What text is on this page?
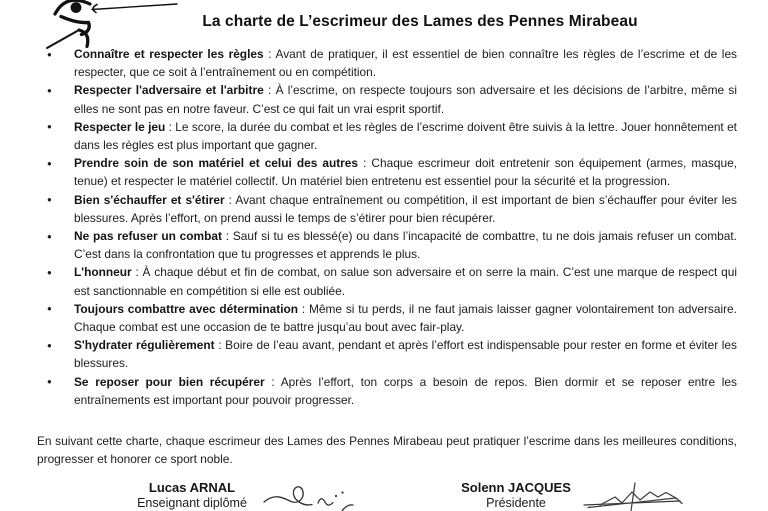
La charte de L’escrimeur des Lames des Pennes Mirabeau
● Connaître et respecter les règles : Avant de pratiquer, il est essentiel de bien connaître les règles de l’escrime et de les respecter, que ce soit à l’entraînement ou en compétition.
● Respecter l'adversaire et l'arbitre : À l’escrime, on respecte toujours son adversaire et les décisions de l’arbitre, même si elles ne sont pas en notre faveur. C’est ce qui fait un vrai esprit sportif.
● Respecter le jeu : Le score, la durée du combat et les règles de l’escrime doivent être suivis à la lettre. Jouer honnêtement et dans les règles est plus important que gagner.
● Prendre soin de son matériel et celui des autres : Chaque escrimeur doit entretenir son équipement (armes, masque, tenue) et respecter le matériel collectif. Un matériel bien entretenu est essentiel pour la sécurité et la progression.
● Bien s'échauffer et s'étirer : Avant chaque entraînement ou compétition, il est important de bien s’échauffer pour éviter les blessures. Après l’effort, on prend aussi le temps de s’étirer pour bien récupérer.
● Ne pas refuser un combat : Sauf si tu es blessé(e) ou dans l’incapacité de combattre, tu ne dois jamais refuser un combat. C’est dans la confrontation que tu progresses et apprends le plus.
● L'honneur : À chaque début et fin de combat, on salue son adversaire et on serre la main. C’est une marque de respect qui est sanctionnable en compétition si elle est oubliée.
● Toujours combattre avec détermination : Même si tu perds, il ne faut jamais laisser gagner volontairement ton adversaire. Chaque combat est une occasion de te battre jusqu’au bout avec fair-play.
● S'hydrater régulièrement : Boire de l’eau avant, pendant et après l’effort est indispensable pour rester en forme et éviter les blessures.
● Se reposer pour bien récupérer : Après l’effort, ton corps a besoin de repos. Bien dormir et se reposer entre les entraînements est important pour pouvoir progresser.

En suivant cette charte, chaque escrimeur des Lames des Pennes Mirabeau peut pratiquer l’escrime dans les meilleures conditions, progresser et honorer ce sport noble.

Lucas ARNAL
Enseignant diplômé
Solenn JACQUES
Présidente
